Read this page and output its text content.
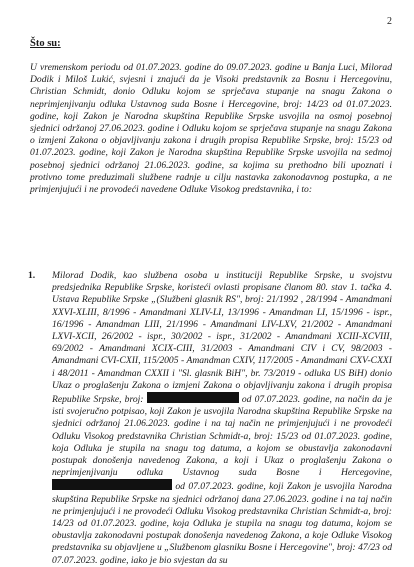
2
Što su:

U vremenskom periodu od 01.07.2023. godine do 09.07.2023. godine u Banja Luci, Milorad Dodik i Miloš Lukić, svjesni i znajući da je Visoki predstavnik za Bosnu i Hercegovinu, Christian Schmidt, donio Odluku kojom se sprječava stupanje na snagu Zakona o neprimjenjivanju odluka Ustavnog suda Bosne i Hercegovine, broj: 14/23 od 01.07.2023. godine, koji Zakon je Narodna skupština Republike Srpske usvojila na osmoj posebnoj sjednici održanoj 27.06.2023. godine i Odluku kojom se sprječava stupanje na snagu Zakona o izmjeni Zakona o objavljivanju zakona i drugih propisa Republike Srpske, broj: 15/23 od 01.07.2023. godine, koji Zakon je Narodna skupština Republike Srpske usvojila na sedmoj posebnoj sjednici održanoj 21.06.2023. godine, sa kojima su prethodno bili upoznati i protivno tome preduzimali službene radnje u cilju nastavka zakonodavnog postupka, a ne primjenjujući i ne provodeći navedene Odluke Visokog predstavnika, i to:

1. Milorad Dodik, kao službena osoba u instituciji Republike Srpske, u svojstvu predsjednika Republike Srpske, koristeći ovlasti propisane članom 80. stav 1. tačka 4. Ustava Republike Srpske „(Službeni glasnik RS", broj: 21/1992 , 28/1994 - Amandmani XXVI-XLIII, 8/1996 - Amandmani XLIV-LI, 13/1996 - Amandman LI, 15/1996 - ispr., 16/1996 - Amandman LIII, 21/1996 - Amandmani LIV-LXV, 21/2002 - Amandmani LXVI-XCII, 26/2002 - ispr., 30/2002 - ispr., 31/2002 - Amandmani XCIII-XCVIII, 69/2002 - Amandmani XCIX-CIII, 31/2003 - Amandmani CIV i CV, 98/2003 - Amandmani CVI-CXII, 115/2005 - Amandman CXIV, 117/2005 - Amandmani CXV-CXXI i 48/2011 - Amandman CXXII i "Sl. glasnik BiH", br. 73/2019 - odluka US BiH) donio Ukaz o proglašenju Zakona o izmjeni Zakona o objavljivanju zakona i drugih propisa Republike Srpske, broj:	od 07.07.2023. godine, na način da je isti svojeručno potpisao, koji Zakon je usvojila Narodna skupština Republike Srpske na sjednici održanoj 21.06.2023. godine i na taj način ne primjenjujući i ne provodeći Odluku Visokog predstavnika Christian Schmidt-a, broj: 15/23 od 01.07.2023. godine, koja Odluka je stupila na snagu tog datuma, a kojom se obustavlja zakonodavni postupak donošenja navedenog Zakona, a koji i Ukaz o proglašenju Zakona o neprimjenjivanju odluka Ustavnog suda Bosne i Hercegovine,  od 07.07.2023. godine, koji Zakon je usvojila Narodna skupština Republike Srpske na sjednici održanoj dana 27.06.2023. godine i na taj način ne primjenjujući i ne provodeći Odluku Visokog predstavnika Christian Schmidt-a, broj: 14/23 od 01.07.2023. godine, koja Odluka je stupila na snagu tog datuma, kojom se obustavlja zakonodavni postupak donošenja navedenog Zakona, a koje Odluke Visokog predstavnika su objavljene u „Službenom glasniku Bosne i Hercegovine", broj: 47/23 od 07.07.2023. godine, iako je bio svjestan da su
